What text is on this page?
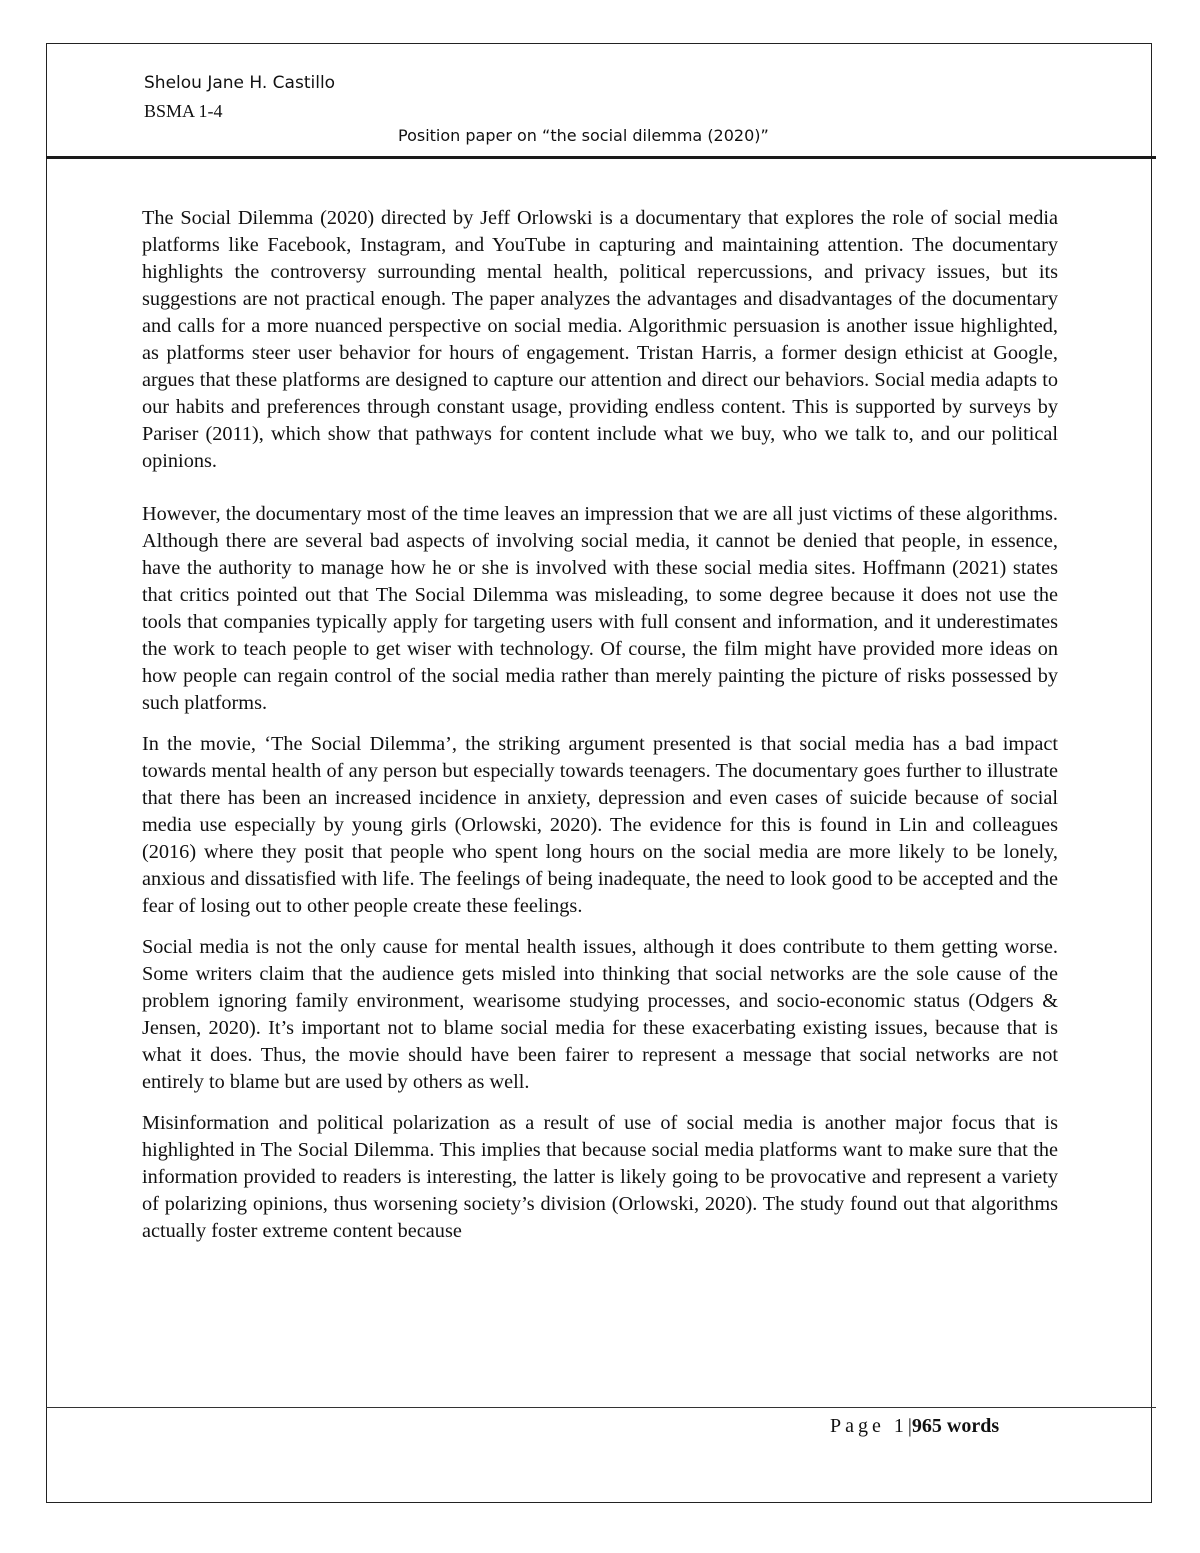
Shelou Jane H. Castillo
BSMA 1-4
Position paper on “the social dilemma (2020)”

The Social Dilemma (2020) directed by Jeff Orlowski is a documentary that explores the role of social media platforms like Facebook, Instagram, and YouTube in capturing and maintaining attention. The documentary highlights the controversy surrounding mental health, political repercussions, and privacy issues, but its suggestions are not practical enough. The paper analyzes the advantages and disadvantages of the documentary and calls for a more nuanced perspective on social media. Algorithmic persuasion is another issue highlighted, as platforms steer user behavior for hours of engagement. Tristan Harris, a former design ethicist at Google, argues that these platforms are designed to capture our attention and direct our behaviors. Social media adapts to our habits and preferences through constant usage, providing endless content. This is supported by surveys by Pariser (2011), which show that pathways for content include what we buy, who we talk to, and our political opinions.

However, the documentary most of the time leaves an impression that we are all just victims of these algorithms. Although there are several bad aspects of involving social media, it cannot be denied that people, in essence, have the authority to manage how he or she is involved with these social media sites. Hoffmann (2021) states that critics pointed out that The Social Dilemma was misleading, to some degree because it does not use the tools that companies typically apply for targeting users with full consent and information, and it underestimates the work to teach people to get wiser with technology. Of course, the film might have provided more ideas on how people can regain control of the social media rather than merely painting the picture of risks possessed by such platforms.

In the movie, ‘The Social Dilemma’, the striking argument presented is that social media has a bad impact towards mental health of any person but especially towards teenagers. The documentary goes further to illustrate that there has been an increased incidence in anxiety, depression and even cases of suicide because of social media use especially by young girls (Orlowski, 2020). The evidence for this is found in Lin and colleagues (2016) where they posit that people who spent long hours on the social media are more likely to be lonely, anxious and dissatisfied with life. The feelings of being inadequate, the need to look good to be accepted and the fear of losing out to other people create these feelings.

Social media is not the only cause for mental health issues, although it does contribute to them getting worse. Some writers claim that the audience gets misled into thinking that social networks are the sole cause of the problem ignoring family environment, wearisome studying processes, and socio-economic status (Odgers & Jensen, 2020). It’s important not to blame social media for these exacerbating existing issues, because that is what it does. Thus, the movie should have been fairer to represent a message that social networks are not entirely to blame but are used by others as well.

Misinformation and political polarization as a result of use of social media is another major focus that is highlighted in The Social Dilemma. This implies that because social media platforms want to make sure that the information provided to readers is interesting, the latter is likely going to be provocative and represent a variety of polarizing opinions, thus worsening society’s division (Orlowski, 2020). The study found out that algorithms actually foster extreme content because

Page 1|965 words
